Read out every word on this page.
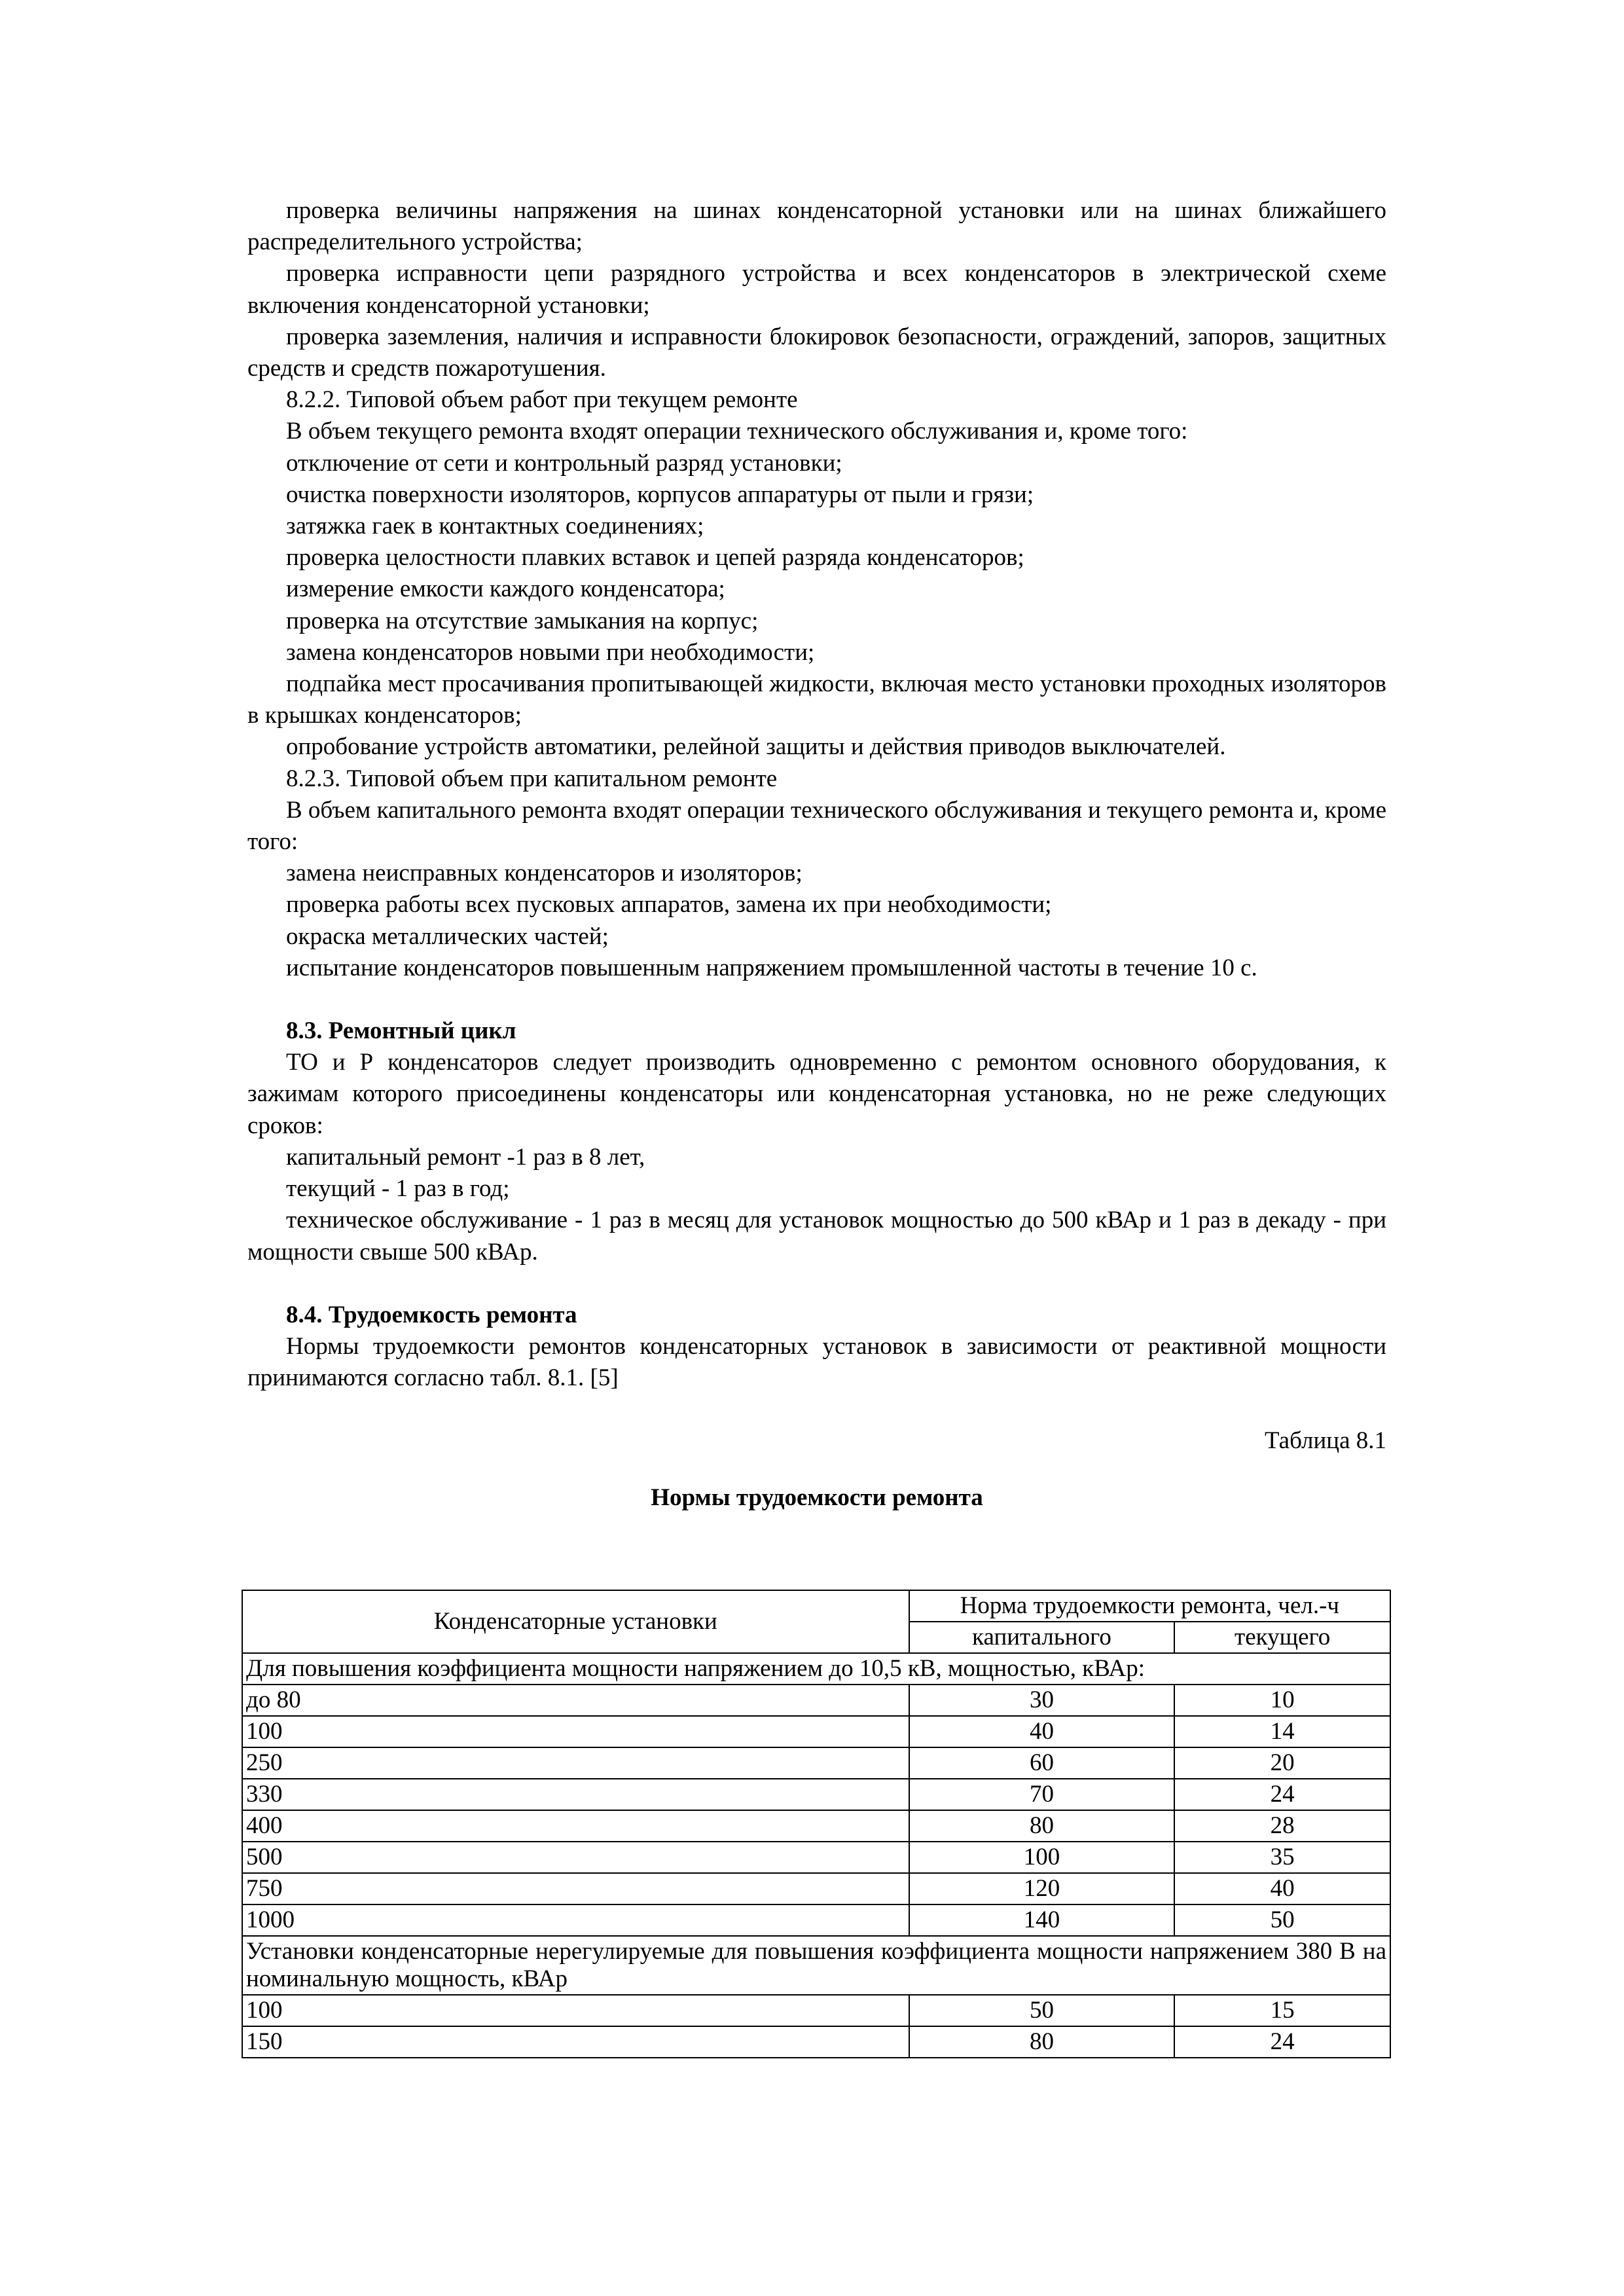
проверка величины напряжения на шинах конденсаторной установки или на шинах ближайшего распределительного устройства;

проверка исправности цепи разрядного устройства и всех конденсаторов в электрической схеме включения конденсаторной установки;

проверка заземления, наличия и исправности блокировок безопасности, ограждений, запоров, защитных средств и средств пожаротушения.

8.2.2. Типовой объем работ при текущем ремонте

В объем текущего ремонта входят операции технического обслуживания и, кроме того:

отключение от сети и контрольный разряд установки;

очистка поверхности изоляторов, корпусов аппаратуры от пыли и грязи;

затяжка гаек в контактных соединениях;

проверка целостности плавких вставок и цепей разряда конденсаторов;

измерение емкости каждого конденсатора;

проверка на отсутствие замыкания на корпус;

замена конденсаторов новыми при необходимости;

подпайка мест просачивания пропитывающей жидкости, включая место установки проходных изоляторов в крышках конденсаторов;

опробование устройств автоматики, релейной защиты и действия приводов выключателей.

8.2.3. Типовой объем при капитальном ремонте

В объем капитального ремонта входят операции технического обслуживания и текущего ремонта и, кроме того:

замена неисправных конденсаторов и изоляторов;

проверка работы всех пусковых аппаратов, замена их при необходимости;

окраска металлических частей;

испытание конденсаторов повышенным напряжением промышленной частоты в течение 10 с.

8.3. Ремонтный цикл

ТО и Р конденсаторов следует производить одновременно с ремонтом основного оборудования, к зажимам которого присоединены конденсаторы или конденсаторная установка, но не реже следующих сроков:

капитальный ремонт -1 раз в 8 лет,

текущий - 1 раз в год;

техническое обслуживание - 1 раз в месяц для установок мощностью до 500 кВАр и 1 раз в декаду - при мощности свыше 500 кВАр.

8.4. Трудоемкость ремонта

Нормы трудоемкости ремонтов конденсаторных установок в зависимости от реактивной мощности принимаются согласно табл. 8.1. [5]

Таблица 8.1

Нормы трудоемкости ремонта

Конденсаторные установки	Норма трудоемкости ремонта, чел.-ч	
	капитального	текущего
Для повышения коэффициента мощности напряжением до 10,5 кВ, мощностью, кВАр:		
до 80	30	10
100	40	14
250	60	20
330	70	24
400	80	28
500	100	35
750	120	40
1000	140	50
Установки конденсаторные нерегулируемые для повышения коэффициента мощности напряжением 380 В на номинальную мощность, кВАр		
100	50	15
150	80	24
